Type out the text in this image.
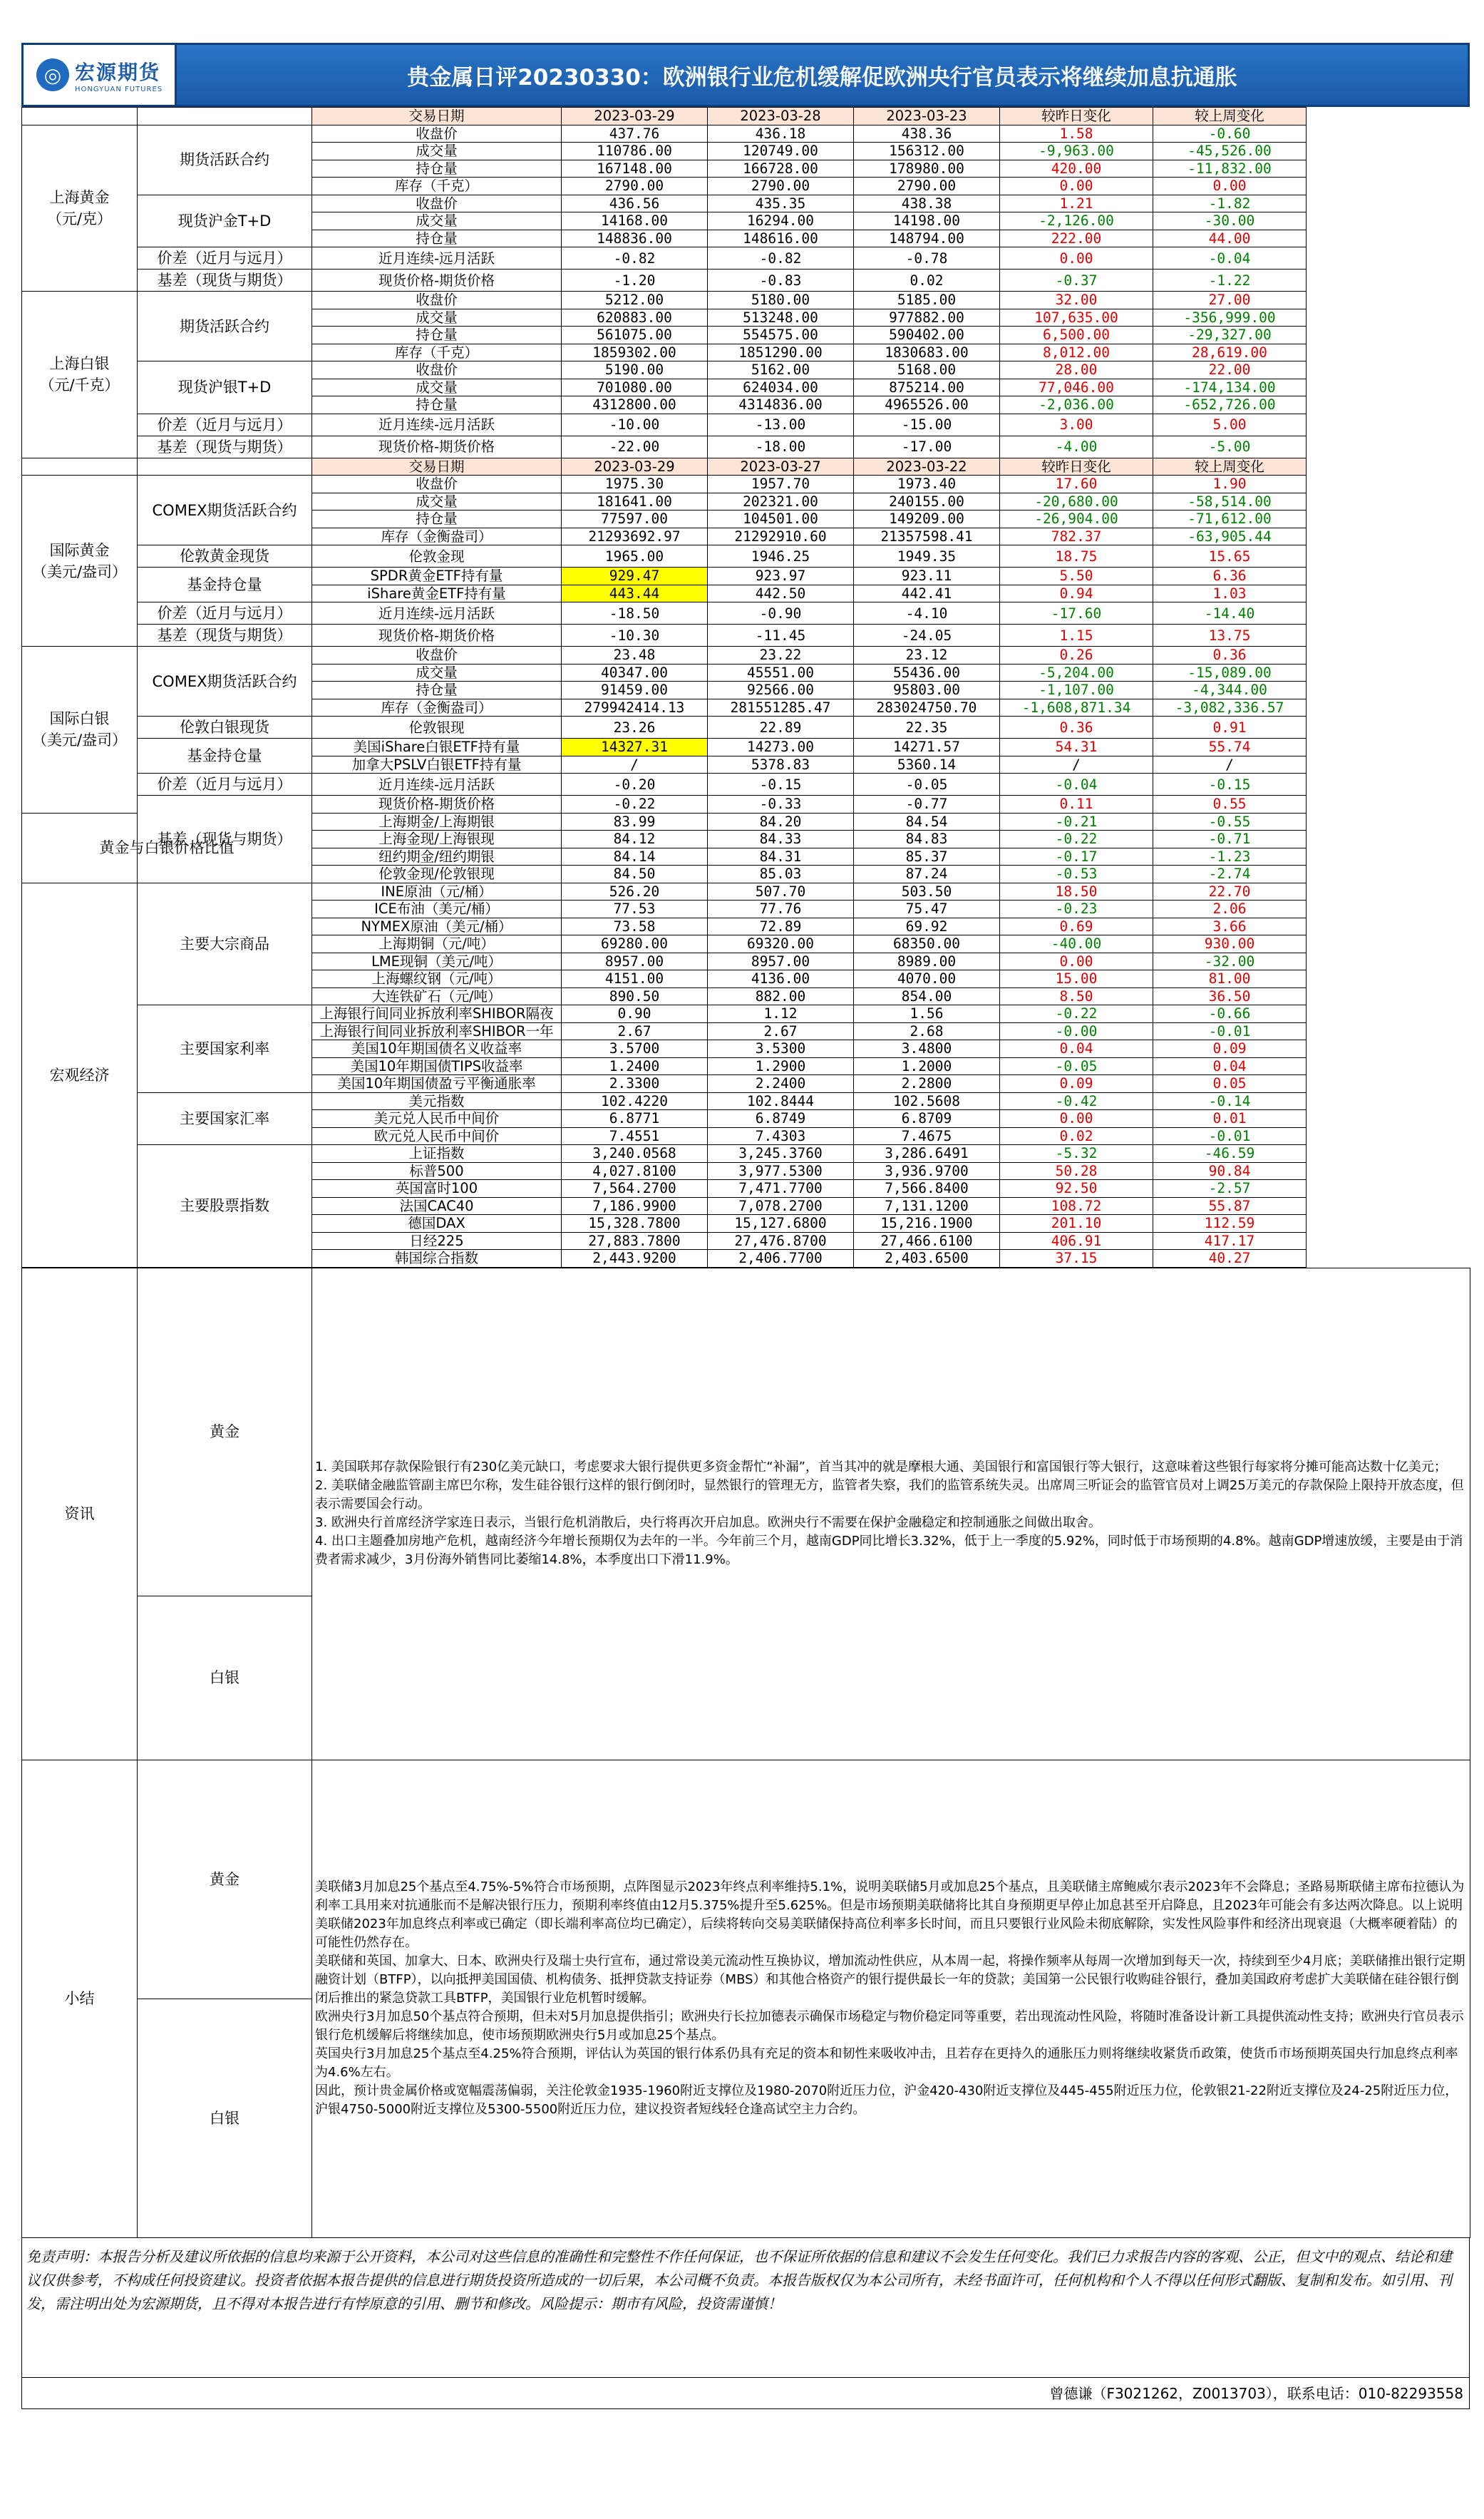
◎ 宏源期货
HONGYUAN FUTURES	贵金属日评20230330：欧洲银行业危机缓解促欧洲央行官员表示将继续加息抗通胀
		交易日期	2023-03-29	2023-03-28	2023-03-23	较昨日变化	较上周变化
上海黄金
（元/克）	期货活跃合约	收盘价	437.76	436.18	438.36	1.58	-0.60
		成交量	110786.00	120749.00	156312.00	-9,963.00	-45,526.00
		持仓量	167148.00	166728.00	178980.00	420.00	-11,832.00
		库存（千克）	2790.00	2790.00	2790.00	0.00	0.00
	现货沪金T+D	收盘价	436.56	435.35	438.38	1.21	-1.82
		成交量	14168.00	16294.00	14198.00	-2,126.00	-30.00
		持仓量	148836.00	148616.00	148794.00	222.00	44.00
	价差（近月与远月）	近月连续-远月活跃	-0.82	-0.82	-0.78	0.00	-0.04
	基差（现货与期货）	现货价格-期货价格	-1.20	-0.83	0.02	-0.37	-1.22
上海白银
（元/千克）	期货活跃合约	收盘价	5212.00	5180.00	5185.00	32.00	27.00
		成交量	620883.00	513248.00	977882.00	107,635.00	-356,999.00
		持仓量	561075.00	554575.00	590402.00	6,500.00	-29,327.00
		库存（千克）	1859302.00	1851290.00	1830683.00	8,012.00	28,619.00
	现货沪银T+D	收盘价	5190.00	5162.00	5168.00	28.00	22.00
		成交量	701080.00	624034.00	875214.00	77,046.00	-174,134.00
		持仓量	4312800.00	4314836.00	4965526.00	-2,036.00	-652,726.00
	价差（近月与远月）	近月连续-远月活跃	-10.00	-13.00	-15.00	3.00	5.00
	基差（现货与期货）	现货价格-期货价格	-22.00	-18.00	-17.00	-4.00	-5.00
		交易日期	2023-03-29	2023-03-27	2023-03-22	较昨日变化	较上周变化
国际黄金
（美元/盎司）	COMEX期货活跃合约	收盘价	1975.30	1957.70	1973.40	17.60	1.90
		成交量	181641.00	202321.00	240155.00	-20,680.00	-58,514.00
		持仓量	77597.00	104501.00	149209.00	-26,904.00	-71,612.00
		库存（金衡盎司）	21293692.97	21292910.60	21357598.41	782.37	-63,905.44
	伦敦黄金现货	伦敦金现	1965.00	1946.25	1949.35	18.75	15.65
	基金持仓量	SPDR黄金ETF持有量	929.47	923.97	923.11	5.50	6.36
		iShare黄金ETF持有量	443.44	442.50	442.41	0.94	1.03
	价差（近月与远月）	近月连续-远月活跃	-18.50	-0.90	-4.10	-17.60	-14.40
	基差（现货与期货）	现货价格-期货价格	-10.30	-11.45	-24.05	1.15	13.75
国际白银
（美元/盎司）	COMEX期货活跃合约	收盘价	23.48	23.22	23.12	0.26	0.36
		成交量	40347.00	45551.00	55436.00	-5,204.00	-15,089.00
		持仓量	91459.00	92566.00	95803.00	-1,107.00	-4,344.00
		库存（金衡盎司）	279942414.13	281551285.47	283024750.70	-1,608,871.34	-3,082,336.57
	伦敦白银现货	伦敦银现	23.26	22.89	22.35	0.36	0.91
	基金持仓量	美国iShare白银ETF持有量	14327.31	14273.00	14271.57	54.31	55.74
		加拿大PSLV白银ETF持有量	/	5378.83	5360.14	/	/
	价差（近月与远月）	近月连续-远月活跃	-0.20	-0.15	-0.05	-0.04	-0.15
	基差（现货与期货）	现货价格-期货价格	-0.22	-0.33	-0.77	0.11	0.55
黄金与白银价格比值		上海期金/上海期银	83.99	84.20	84.54	-0.21	-0.55
		上海金现/上海银现	84.12	84.33	84.83	-0.22	-0.71
		纽约期金/纽约期银	84.14	84.31	85.37	-0.17	-1.23
		伦敦金现/伦敦银现	84.50	85.03	87.24	-0.53	-2.74
宏观经济	主要大宗商品	INE原油（元/桶）	526.20	507.70	503.50	18.50	22.70
		ICE布油（美元/桶）	77.53	77.76	75.47	-0.23	2.06
		NYMEX原油（美元/桶）	73.58	72.89	69.92	0.69	3.66
		上海期铜（元/吨）	69280.00	69320.00	68350.00	-40.00	930.00
		LME现铜（美元/吨）	8957.00	8957.00	8989.00	0.00	-32.00
		上海螺纹钢（元/吨）	4151.00	4136.00	4070.00	15.00	81.00
		大连铁矿石（元/吨）	890.50	882.00	854.00	8.50	36.50
	主要国家利率	上海银行间同业拆放利率SHIBOR隔夜	0.90	1.12	1.56	-0.22	-0.66
		上海银行间同业拆放利率SHIBOR一年	2.67	2.67	2.68	-0.00	-0.01
		美国10年期国债名义收益率	3.5700	3.5300	3.4800	0.04	0.09
		美国10年期国债TIPS收益率	1.2400	1.2900	1.2000	-0.05	0.04
		美国10年期国债盈亏平衡通胀率	2.3300	2.2400	2.2800	0.09	0.05
	主要国家汇率	美元指数	102.4220	102.8444	102.5608	-0.42	-0.14
		美元兑人民币中间价	6.8771	6.8749	6.8709	0.00	0.01
		欧元兑人民币中间价	7.4551	7.4303	7.4675	0.02	-0.01
	主要股票指数	上证指数	3,240.0568	3,245.3760	3,286.6491	-5.32	-46.59
		标普500	4,027.8100	3,977.5300	3,936.9700	50.28	90.84
		英国富时100	7,564.2700	7,471.7700	7,566.8400	92.50	-2.57
		法国CAC40	7,186.9900	7,078.2700	7,131.1200	108.72	55.87
		德国DAX	15,328.7800	15,127.6800	15,216.1900	201.10	112.59
		日经225	27,883.7800	27,476.8700	27,466.6100	406.91	417.17
		韩国综合指数	2,443.9200	2,406.7700	2,403.6500	37.15	40.27
资讯	黄金	1. 美国联邦存款保险银行有230亿美元缺口，考虑要求大银行提供更多资金帮忙“补漏”，首当其冲的就是摩根大通、美国银行和富国银行等大银行，这意味着这些银行每家将分摊可能高达数十亿美元；

2. 美联储金融监管副主席巴尔称，发生硅谷银行这样的银行倒闭时，显然银行的管理无方，监管者失察，我们的监管系统失灵。出席周三听证会的监管官员对上调25万美元的存款保险上限持开放态度，但表示需要国会行动。

3. 欧洲央行首席经济学家连日表示，当银行危机消散后，央行将再次开启加息。欧洲央行不需要在保护金融稳定和控制通胀之间做出取舍。

4. 出口主题叠加房地产危机，越南经济今年增长预期仅为去年的一半。今年前三个月，越南GDP同比增长3.32%，低于上一季度的5.92%，同时低于市场预期的4.8%。越南GDP增速放缓，主要是由于消费者需求减少，3月份海外销售同比萎缩14.8%，本季度出口下滑11.9%。

	白银	
小结	黄金	美联储3月加息25个基点至4.75%-5%符合市场预期，点阵图显示2023年终点利率维持5.1%，说明美联储5月或加息25个基点，且美联储主席鲍威尔表示2023年不会降息；圣路易斯联储主席布拉德认为利率工具用来对抗通胀而不是解决银行压力，预期利率终值由12月5.375%提升至5.625%。但是市场预期美联储将比其自身预期更早停止加息甚至开启降息，且2023年可能会有多达两次降息。以上说明美联储2023年加息终点利率或已确定（即长端利率高位均已确定），后续将转向交易美联储保持高位利率多长时间，而且只要银行业风险未彻底解除，实发性风险事件和经济出现衰退（大概率硬着陆）的可能性仍然存在。

美联储和英国、加拿大、日本、欧洲央行及瑞士央行宣布，通过常设美元流动性互换协议，增加流动性供应，从本周一起，将操作频率从每周一次增加到每天一次，持续到至少4月底；美联储推出银行定期融资计划（BTFP），以向抵押美国国债、机构债务、抵押贷款支持证券（MBS）和其他合格资产的银行提供最长一年的贷款；美国第一公民银行收购硅谷银行，叠加美国政府考虑扩大美联储在硅谷银行倒闭后推出的紧急贷款工具BTFP，美国银行业危机暂时缓解。

欧洲央行3月加息50个基点符合预期，但未对5月加息提供指引；欧洲央行长拉加德表示确保市场稳定与物价稳定同等重要，若出现流动性风险，将随时准备设计新工具提供流动性支持；欧洲央行官员表示银行危机缓解后将继续加息，使市场预期欧洲央行5月或加息25个基点。

英国央行3月加息25个基点至4.25%符合预期，评估认为英国的银行体系仍具有充足的资本和韧性来吸收冲击，且若存在更持久的通胀压力则将继续收紧货币政策，使货币市场预期英国央行加息终点利率为4.6%左右。

因此，预计贵金属价格或宽幅震荡偏弱，关注伦敦金1935-1960附近支撑位及1980-2070附近压力位，沪金420-430附近支撑位及445-455附近压力位，伦敦银21-22附近支撑位及24-25附近压力位，沪银4750-5000附近支撑位及5300-5500附近压力位，建议投资者短线轻仓逢高试空主力合约。

	白银	
免责声明：本报告分析及建议所依据的信息均来源于公开资料，本公司对这些信息的准确性和完整性不作任何保证，也不保证所依据的信息和建议不会发生任何变化。我们已力求报告内容的客观、公正，但文中的观点、结论和建议仅供参考，不构成任何投资建议。投资者依据本报告提供的信息进行期货投资所造成的一切后果，本公司概不负责。本报告版权仅为本公司所有，未经书面许可，任何机构和个人不得以任何形式翻版、复制和发布。如引用、刊发，需注明出处为宏源期货，且不得对本报告进行有悖原意的引用、删节和修改。风险提示：期市有风险，投资需谨慎！
曾德谦（F3021262，Z0013703），联系电话：010-82293558
